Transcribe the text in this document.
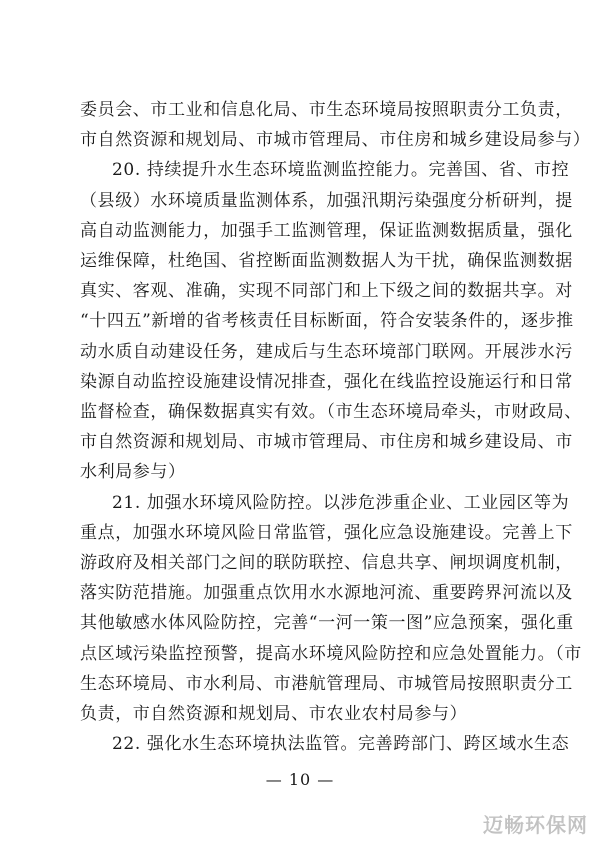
委员会、市工业和信息化局、市生态环境局按照职责分工负责，
市自然资源和规划局、市城市管理局、市住房和城乡建设局参与）
20. 持续提升水生态环境监测监控能力。完善国、省、市控
（县级）水环境质量监测体系，加强汛期污染强度分析研判，提
高自动监测能力，加强手工监测管理，保证监测数据质量，强化
运维保障，杜绝国、省控断面监测数据人为干扰，确保监测数据
真实、客观、准确，实现不同部门和上下级之间的数据共享。对
“十四五”新增的省考核责任目标断面，符合安装条件的，逐步推
动水质自动建设任务，建成后与生态环境部门联网。开展涉水污
染源自动监控设施建设情况排查，强化在线监控设施运行和日常
监督检查，确保数据真实有效。（市生态环境局牵头，市财政局、
市自然资源和规划局、市城市管理局、市住房和城乡建设局、市
水利局参与）
21. 加强水环境风险防控。以涉危涉重企业、工业园区等为
重点，加强水环境风险日常监管，强化应急设施建设。完善上下
游政府及相关部门之间的联防联控、信息共享、闸坝调度机制，
落实防范措施。加强重点饮用水水源地河流、重要跨界河流以及
其他敏感水体风险防控，完善“一河一策一图”应急预案，强化重
点区域污染监控预警，提高水环境风险防控和应急处置能力。（市
生态环境局、市水利局、市港航管理局、市城管局按照职责分工
负责，市自然资源和规划局、市农业农村局参与）
22. 强化水生态环境执法监管。完善跨部门、跨区域水生态
— 10 —
迈畅环保网
